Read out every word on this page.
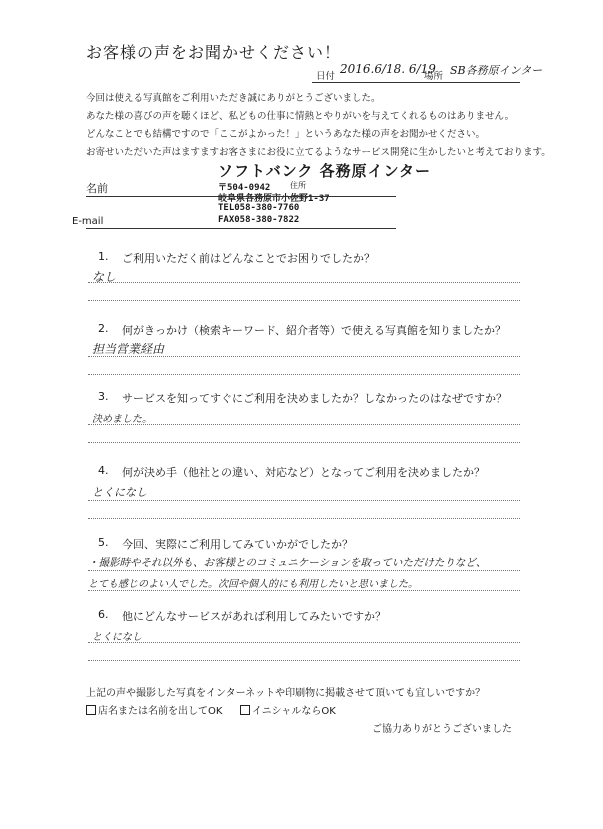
お客様の声をお聞かせください！
日付
2016.6/18. 6/19
場所 SB各務原インター
今回は使える写真館をご利用いただき誠にありがとうございました。
あなた様の喜びの声を聴くほど、私どもの仕事に情熱とやりがいを与えてくれるものはありません。
どんなことでも結構ですので「ここがよかった！」というあなた様の声をお聞かせください。
お寄せいただいた声はますますお客さまにお役に立てるようなサービス開発に生かしたいと考えております。
ソフトバンク 各務原インター
〒504-0942 住所
岐阜県各務原市小佐野1-37
TEL058-380-7760
FAX058-380-7822
名前
E-mail
1. ご利用いただく前はどんなことでお困りでしたか？
なし
2. 何がきっかけ（検索キーワード、紹介者等）で使える写真館を知りましたか？
担当営業経由
3. サービスを知ってすぐにご利用を決めましたか？しなかったのはなぜですか？
決めました。
4. 何が決め手（他社との違い、対応など）となってご利用を決めましたか？
とくになし
5. 今回、実際にご利用してみていかがでしたか？
・撮影時やそれ以外も、お客様とのコミュニケーションを取っていただけたりなど、
とても感じのよい人でした。次回や個人的にも利用したいと思いました。
6. 他にどんなサービスがあれば利用してみたいですか？
とくになし
上記の声や撮影した写真をインターネットや印刷物に掲載させて頂いても宜しいですか？
店名または名前を出してOK	イニシャルならOK
ご協力ありがとうございました
